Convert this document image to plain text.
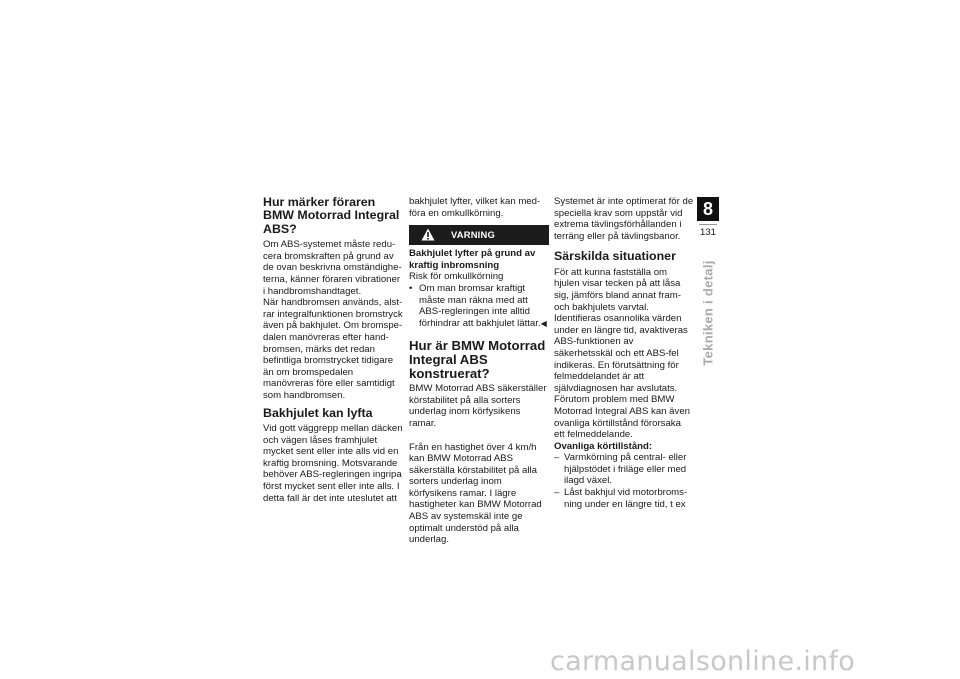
Hur märker föraren BMW Motorrad Integral ABS?

Om ABS-systemet måste reducera bromskraften på grund av de ovan beskrivna omständigheterna, känner föraren vibrationer i handbromshandtaget.

När handbromsen används, alstrar integralfunktionen bromstryck även på bakhjulet. Om bromspedalen manövreras efter handbromsen, märks det redan befintliga bromstrycket tidigare än om bromspedalen manövreras före eller samtidigt som handbromsen.

Bakhjulet kan lyfta

Vid gott väggrepp mellan däcken och vägen låses framhjulet mycket sent eller inte alls vid en kraftig bromsning. Motsvarande behöver ABS-regleringen ingripa först mycket sent eller inte alls. I detta fall är det inte uteslutet att

bakhjulet lyfter, vilket kan medföra en omkullkörning.

VARNING

Bakhjulet lyfter på grund av kraftig inbromsning

Risk för omkullkörning

• Om man bromsar kraftigt måste man räkna med att ABS-regleringen inte alltid förhindrar att bakhjulet lättar.◀
Hur är BMW Motorrad Integral ABS konstruerat?

BMW Motorrad ABS säkerställer körstabilitet på alla sorters underlag inom körfysikens ramar.

Från en hastighet över 4 km/h kan BMW Motorrad ABS säkerställa körstabilitet på alla sorters underlag inom körfysikens ramar. I lägre hastigheter kan BMW Motorrad ABS av systemskäl inte ge optimalt understöd på alla underlag.

Systemet är inte optimerat för de speciella krav som uppstår vid extrema tävlingsförhållanden i terräng eller på tävlingsbanor.

Särskilda situationer

För att kunna fastställa om hjulen visar tecken på att låsa sig, jämförs bland annat fram- och bakhjulets varvtal. Identifieras osannolika värden under en längre tid, avaktiveras ABS-funktionen av säkerhetsskäl och ett ABS-fel indikeras. En förutsättning för felmeddelandet är att självdiagnosen har avslutats.

Förutom problem med BMW Motorrad Integral ABS kan även ovanliga körtillstånd förorsaka ett felmeddelande.

Ovanliga körtillstånd:

– Varmkörning på central- eller hjälpstödet i friläge eller med ilagd växel.
– Låst bakhjul vid motorbromsning under en längre tid, t ex
8
131
Tekniken i detalj
carmanualsonline.info
